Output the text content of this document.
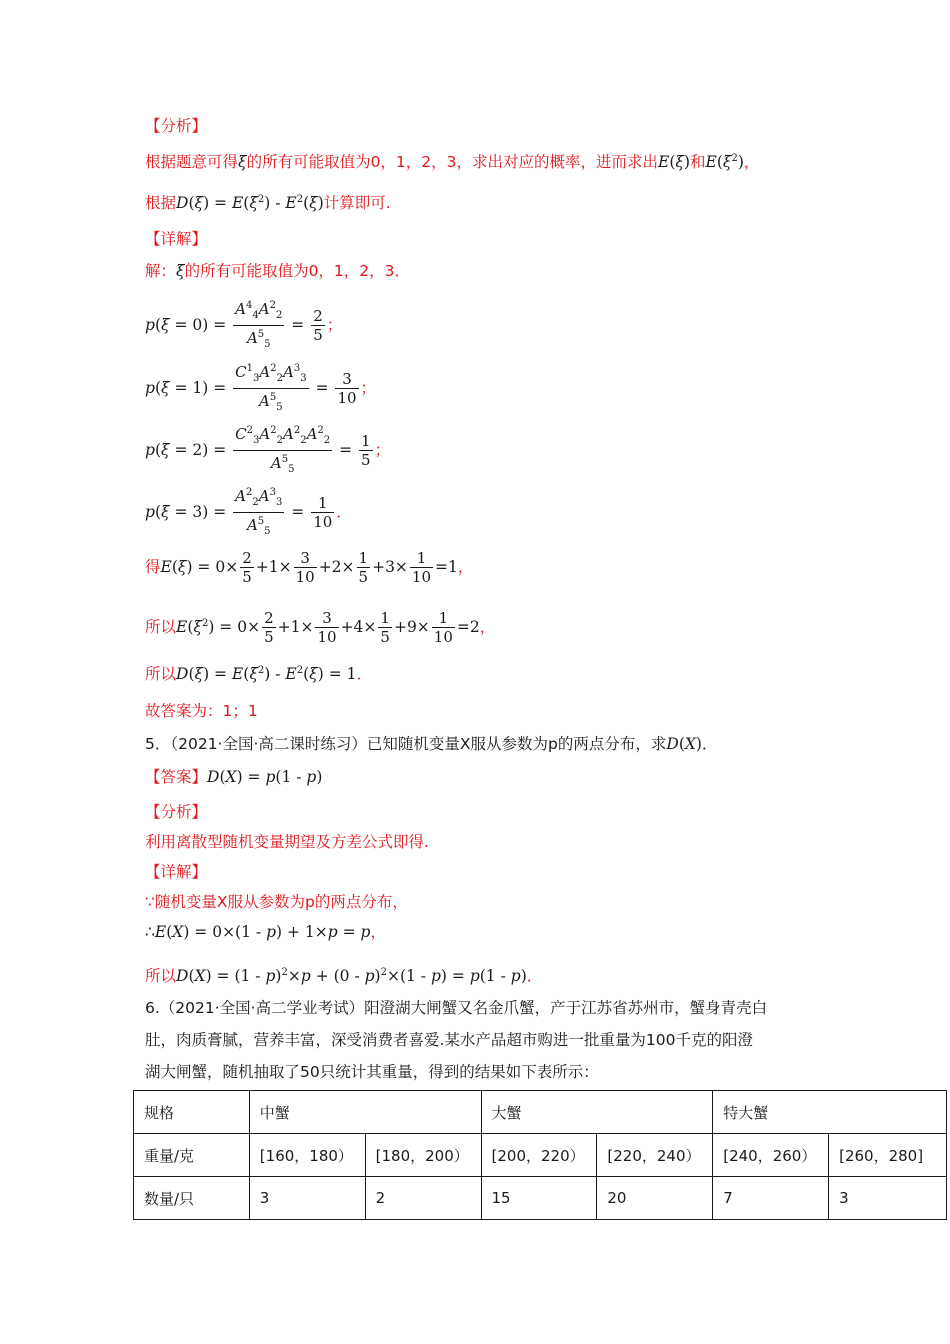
【分析】
根据题意可得ξ的所有可能取值为0，1，2，3，求出对应的概率，进而求出E(ξ)和$E(\xi^2)$，
根据$D(\xi) = E(\xi^2) - E^2(\xi)$计算即可.
【详解】
解：ξ的所有可能取值为0，1，2，3．
$p(\xi = 0) = \frac{A^4_4A^2_2}{A^5_5} = \frac{2}{5}$ ；
$p(\xi = 1) = \frac{C^1_3A^2_2A^3_3}{A^5_5} = \frac{3}{10}$ ；
$p(\xi = 2) = \frac{C^2_3A^2_2A^2_2A^2_2}{A^5_5} = \frac{1}{5}$ ；
$p(\xi = 3) = \frac{A^2_2A^3_3}{A^5_5} = \frac{1}{10}$ ．
得$E(\xi) = 0\times \frac{2}{5} +1\times \frac{3}{10} +2\times \frac{1}{5} +3\times \frac{1}{10} =1$，
所以$E(\xi^2) = 0\times \frac{2}{5} +1\times \frac{3}{10} +4\times \frac{1}{5} +9\times \frac{1}{10} =2$，
所以$D(\xi) = E(\xi^2) - E^2(\xi) = 1$．
故答案为：1；1
5．（2021·全国·高二课时练习）已知随机变量X服从参数为p的两点分布，求D(X)．
【答案】D(X) = p(1 - p)
【分析】
利用离散型随机变量期望及方差公式即得.
【详解】
∵随机变量X服从参数为p的两点分布，
∴E(X) = 0×(1 - p) + 1×p = p，
所以D(X) = (1 - p)$^2$×p + (0 - p)$^2$×(1 - p) = p(1 - p)．
6.（2021·全国·高二学业考试）阳澄湖大闸蟹又名金爪蟹，产于江苏省苏州市，蟹身青壳白
肚，肉质膏腻，营养丰富，深受消费者喜爱.某水产品超市购进一批重量为100千克的阳澄
湖大闸蟹，随机抽取了50只统计其重量，得到的结果如下表所示：
规格	中蟹		大蟹		特大蟹	
重量/克	[160，180）	[180，200）	[200，220）	[220，240）	[240，260）	[260，280]
数量/只	3	2	15	20	7	3
